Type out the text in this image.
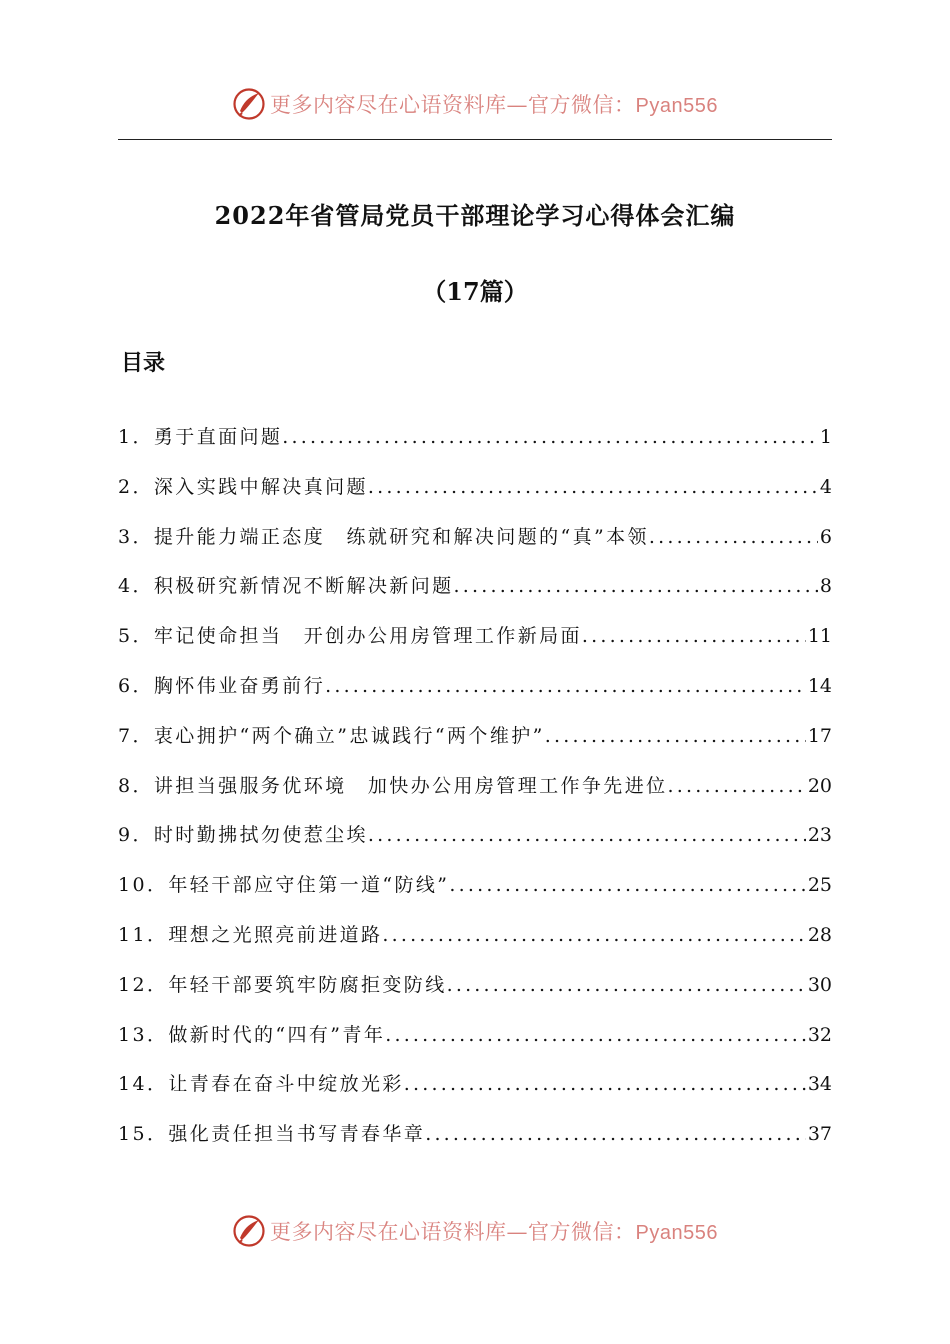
更多内容尽在心语资料库—官方微信：Pyan556
2022年省管局党员干部理论学习心得体会汇编
（17篇）
目录
1．勇于直面问题 .....	1
2．深入实践中解决真问题 .....	4
3．提升能力端正态度　练就研究和解决问题的“真”本领 .....	6
4．积极研究新情况不断解决新问题 .....	8
5．牢记使命担当　开创办公用房管理工作新局面 .....	11
6．胸怀伟业奋勇前行 .....	14
7．衷心拥护“两个确立”忠诚践行“两个维护” .....	17
8．讲担当强服务优环境　加快办公用房管理工作争先进位 .....	20
9．时时勤拂拭勿使惹尘埃 .....	23
10．年轻干部应守住第一道“防线” .....	25
11．理想之光照亮前进道路 .....	28
12．年轻干部要筑牢防腐拒变防线 .....	30
13．做新时代的“四有”青年 .....	32
14．让青春在奋斗中绽放光彩 .....	34
15．强化责任担当书写青春华章 .....	37
更多内容尽在心语资料库—官方微信：Pyan556
